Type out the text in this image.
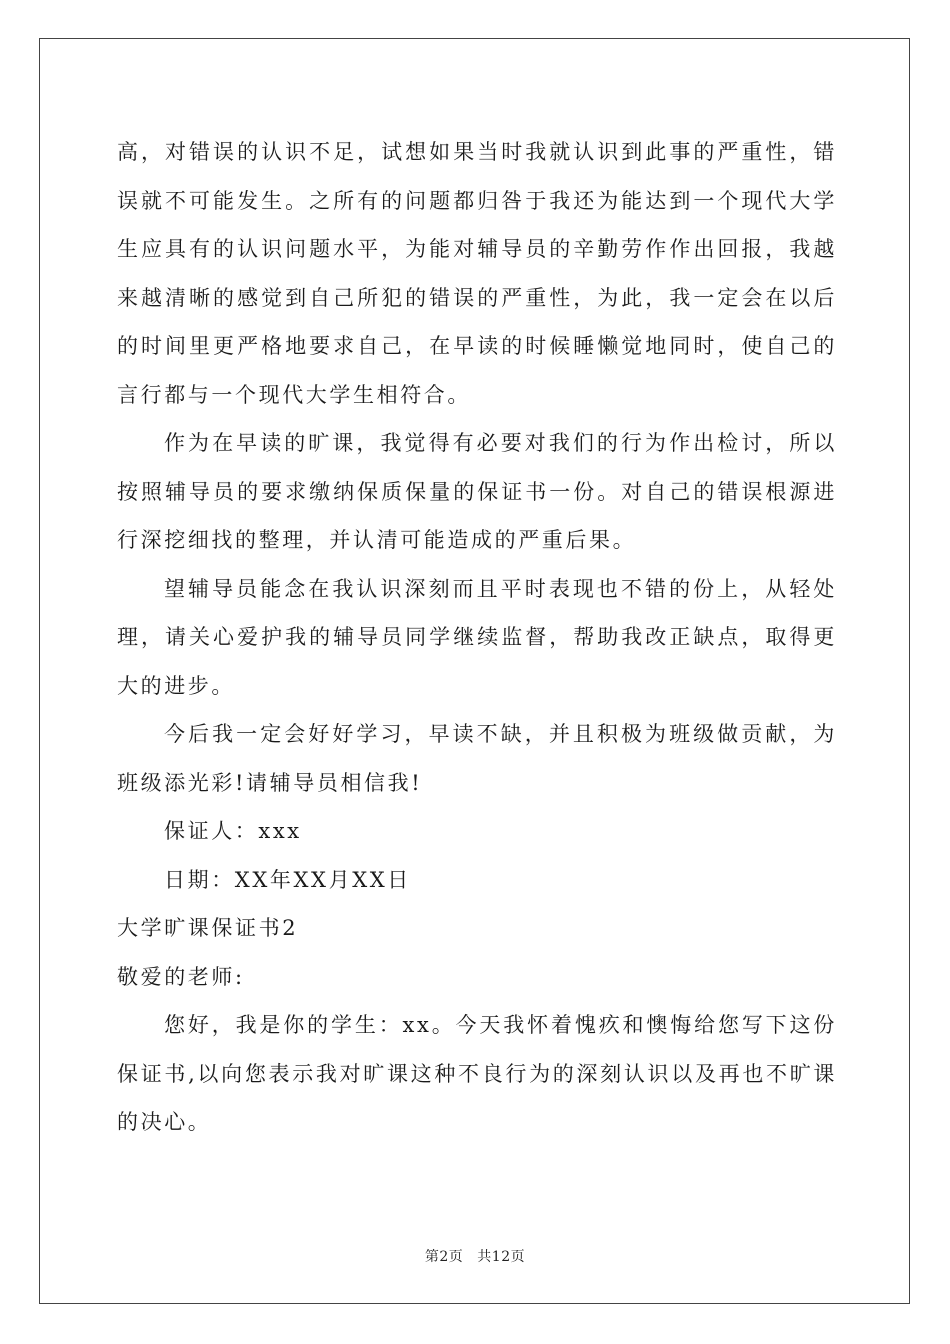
高，对错误的认识不足，试想如果当时我就认识到此事的严重性，错误就不可能发生。之所有的问题都归咎于我还为能达到一个现代大学生应具有的认识问题水平，为能对辅导员的辛勤劳作作出回报，我越来越清晰的感觉到自己所犯的错误的严重性，为此，我一定会在以后的时间里更严格地要求自己，在早读的时候睡懒觉地同时，使自己的言行都与一个现代大学生相符合。

作为在早读的旷课，我觉得有必要对我们的行为作出检讨，所以按照辅导员的要求缴纳保质保量的保证书一份。对自己的错误根源进行深挖细找的整理，并认清可能造成的严重后果。

望辅导员能念在我认识深刻而且平时表现也不错的份上，从轻处理，请关心爱护我的辅导员同学继续监督，帮助我改正缺点，取得更大的进步。

今后我一定会好好学习，早读不缺，并且积极为班级做贡献，为班级添光彩!请辅导员相信我!

保证人：xxx

日期：XX年XX月XX日

大学旷课保证书2

敬爱的老师:

您好，我是你的学生：xx。今天我怀着愧疚和懊悔给您写下这份保证书,以向您表示我对旷课这种不良行为的深刻认识以及再也不旷课的决心。

第2页 共12页
